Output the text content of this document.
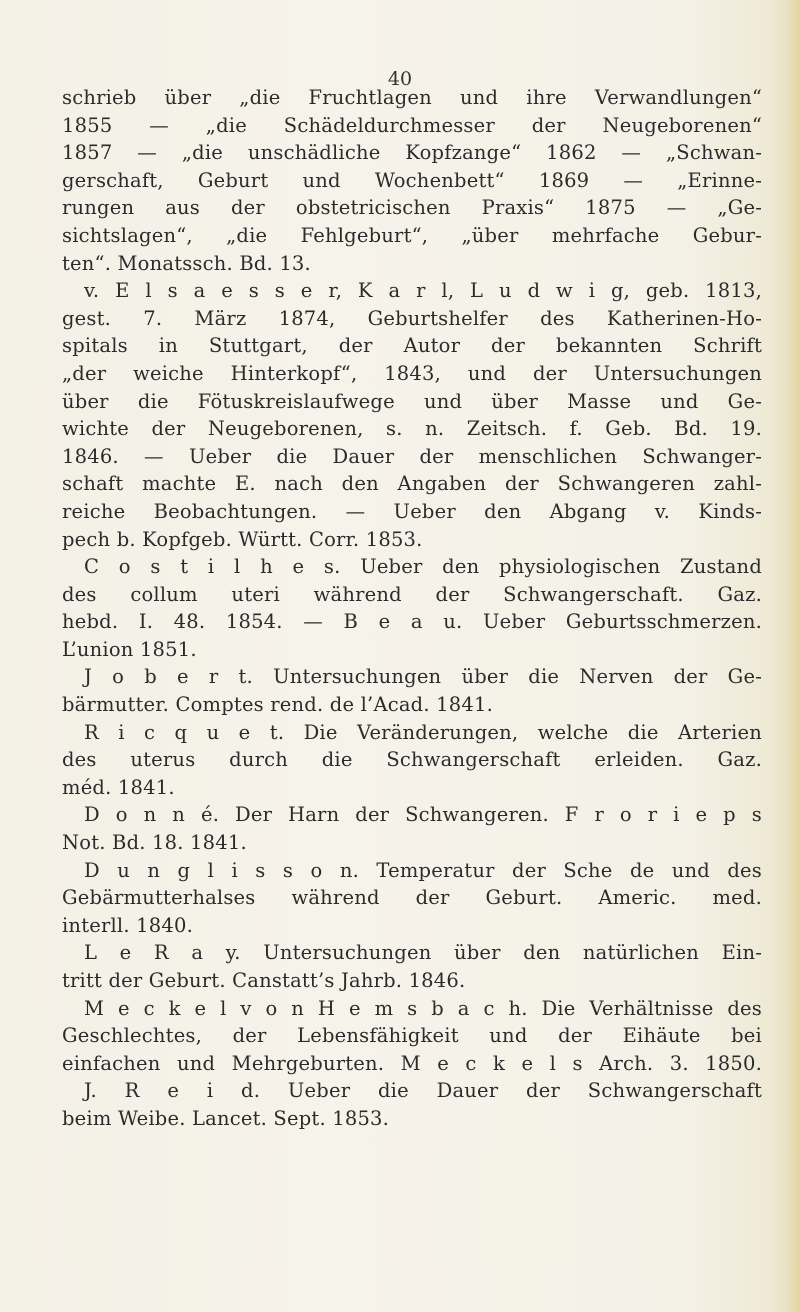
40
schrieb über „die Fruchtlagen und ihre Verwandlungen“
1855 — „die Schädeldurchmesser der Neugeborenen“
1857 — „die unschädliche Kopfzange“ 1862 — „Schwan-
gerschaft, Geburt und Wochenbett“ 1869 — „Erinne-
rungen aus der obstetricischen Praxis“ 1875 — „Ge-
sichtslagen“, „die Fehlgeburt“, „über mehrfache Gebur-
ten“. Monatssch. Bd. 13.
v. E l s a e s s e r, K a r l, L u d w i g, geb. 1813,
gest. 7. März 1874, Geburtshelfer des Katherinen-Ho-
spitals in Stuttgart, der Autor der bekannten Schrift
„der weiche Hinterkopf“, 1843, und der Untersuchungen
über die Fötuskreislaufwege und über Masse und Ge-
wichte der Neugeborenen, s. n. Zeitsch. f. Geb. Bd. 19.
1846. — Ueber die Dauer der menschlichen Schwanger-
schaft machte E. nach den Angaben der Schwangeren zahl-
reiche Beobachtungen. — Ueber den Abgang v. Kinds-
pech b. Kopfgeb. Württ. Corr. 1853.
C o s t i l h e s. Ueber den physiologischen Zustand
des collum uteri während der Schwangerschaft. Gaz.
hebd. I. 48. 1854. — B e a u. Ueber Geburtsschmerzen.
L’union 1851.
J o b e r t. Untersuchungen über die Nerven der Ge-
bärmutter. Comptes rend. de l’Acad. 1841.
R i c q u e t. Die Veränderungen, welche die Arterien
des uterus durch die Schwangerschaft erleiden. Gaz.
méd. 1841.
D o n n é. Der Harn der Schwangeren. F r o r i e p s
Not. Bd. 18. 1841.
D u n g l i s s o n. Temperatur der Sche de und des
Gebärmutterhalses während der Geburt. Americ. med.
interll. 1840.
L e R a y. Untersuchungen über den natürlichen Ein-
tritt der Geburt. Canstatt’s Jahrb. 1846.
M e c k e l v o n H e m s b a c h. Die Verhältnisse des
Geschlechtes, der Lebensfähigkeit und der Eihäute bei
einfachen und Mehrgeburten. M e c k e l s Arch. 3. 1850.
J. R e i d. Ueber die Dauer der Schwangerschaft
beim Weibe. Lancet. Sept. 1853.
